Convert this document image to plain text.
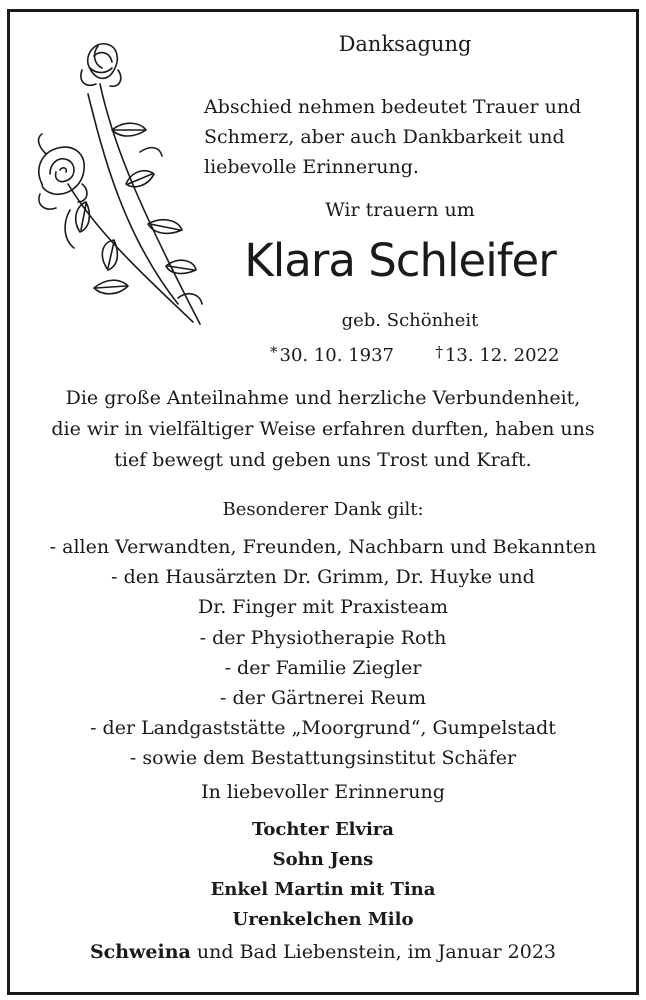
Danksagung
Abschied nehmen bedeutet Trauer und
Schmerz, aber auch Dankbarkeit und
liebevolle Erinnerung.
Wir trauern um
Klara Schleifer
geb. Schönheit
* 30. 10. 1937	† 13. 12. 2022
Die große Anteilnahme und herzliche Verbundenheit,
die wir in vielfältiger Weise erfahren durften, haben uns
tief bewegt und geben uns Trost und Kraft.
Besonderer Dank gilt:
- allen Verwandten, Freunden, Nachbarn und Bekannten
- den Hausärzten Dr. Grimm, Dr. Huyke und
Dr. Finger mit Praxisteam
- der Physiotherapie Roth
- der Familie Ziegler
- der Gärtnerei Reum
- der Landgaststätte „Moorgrund“, Gumpelstadt
- sowie dem Bestattungsinstitut Schäfer
In liebevoller Erinnerung
Tochter Elvira
Sohn Jens
Enkel Martin mit Tina
Urenkelchen Milo
Schweina und Bad Liebenstein, im Januar 2023
